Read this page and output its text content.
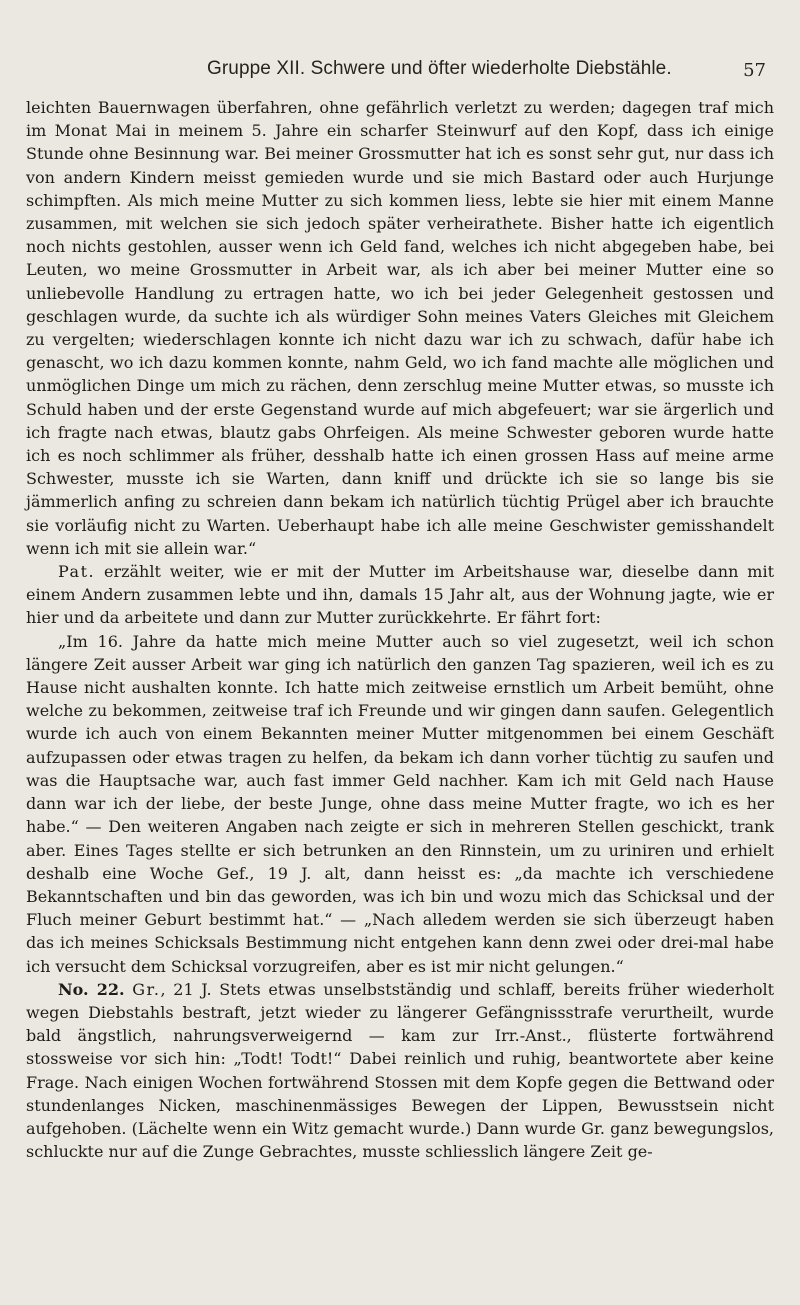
Gruppe XII. Schwere und öfter wiederholte Diebstähle.	57

leichten Bauernwagen überfahren, ohne gefährlich verletzt zu werden; dagegen traf mich im Monat Mai in meinem 5. Jahre ein scharfer Steinwurf auf den Kopf, dass ich einige Stunde ohne Besinnung war. Bei meiner Grossmutter hat ich es sonst sehr gut, nur dass ich von andern Kindern meisst gemieden wurde und sie mich Bastard oder auch Hurjunge schimpften. Als mich meine Mutter zu sich kommen liess, lebte sie hier mit einem Manne zusammen, mit welchen sie sich jedoch später verheirathete. Bisher hatte ich eigentlich noch nichts gestohlen, ausser wenn ich Geld fand, welches ich nicht abgegeben habe, bei Leuten, wo meine Grossmutter in Arbeit war, als ich aber bei meiner Mutter eine so unliebevolle Handlung zu ertragen hatte, wo ich bei jeder Gelegenheit gestossen und geschlagen wurde, da suchte ich als würdiger Sohn meines Vaters Gleiches mit Gleichem zu vergelten; wiederschlagen konnte ich nicht dazu war ich zu schwach, dafür habe ich genascht, wo ich dazu kommen konnte, nahm Geld, wo ich fand machte alle möglichen und unmöglichen Dinge um mich zu rächen, denn zerschlug meine Mutter etwas, so musste ich Schuld haben und der erste Gegenstand wurde auf mich abgefeuert; war sie ärgerlich und ich fragte nach etwas, blautz gabs Ohrfeigen. Als meine Schwester geboren wurde hatte ich es noch schlimmer als früher, desshalb hatte ich einen grossen Hass auf meine arme Schwester, musste ich sie Warten, dann kniff und drückte ich sie so lange bis sie jämmerlich anfing zu schreien dann bekam ich natürlich tüchtig Prügel aber ich brauchte sie vorläufig nicht zu Warten. Ueberhaupt habe ich alle meine Geschwister gemisshandelt wenn ich mit sie allein war.“

Pat. erzählt weiter, wie er mit der Mutter im Arbeitshause war, dieselbe dann mit einem Andern zusammen lebte und ihn, damals 15 Jahr alt, aus der Wohnung jagte, wie er hier und da arbeitete und dann zur Mutter zurückkehrte. Er fährt fort:

„Im 16. Jahre da hatte mich meine Mutter auch so viel zugesetzt, weil ich schon längere Zeit ausser Arbeit war ging ich natürlich den ganzen Tag spazieren, weil ich es zu Hause nicht aushalten konnte. Ich hatte mich zeitweise ernstlich um Arbeit bemüht, ohne welche zu bekommen, zeitweise traf ich Freunde und wir gingen dann saufen. Gelegentlich wurde ich auch von einem Bekannten meiner Mutter mitgenommen bei einem Geschäft aufzupassen oder etwas tragen zu helfen, da bekam ich dann vorher tüchtig zu saufen und was die Hauptsache war, auch fast immer Geld nachher. Kam ich mit Geld nach Hause dann war ich der liebe, der beste Junge, ohne dass meine Mutter fragte, wo ich es her habe.“ — Den weiteren Angaben nach zeigte er sich in mehreren Stellen geschickt, trank aber. Eines Tages stellte er sich betrunken an den Rinnstein, um zu uriniren und erhielt deshalb eine Woche Gef., 19 J. alt, dann heisst es: „da machte ich verschiedene Bekanntschaften und bin das geworden, was ich bin und wozu mich das Schicksal und der Fluch meiner Geburt bestimmt hat.“ — „Nach alledem werden sie sich überzeugt haben das ich meines Schicksals Bestimmung nicht entgehen kann denn zwei oder drei-mal habe ich versucht dem Schicksal vorzugreifen, aber es ist mir nicht gelungen.“

No. 22. Gr., 21 J. Stets etwas unselbstständig und schlaff, bereits früher wiederholt wegen Diebstahls bestraft, jetzt wieder zu längerer Gefängnissstrafe verurtheilt, wurde bald ängstlich, nahrungsverweigernd — kam zur Irr.-Anst., flüsterte fortwährend stossweise vor sich hin: „Todt! Todt!“ Dabei reinlich und ruhig, beantwortete aber keine Frage. Nach einigen Wochen fortwährend Stossen mit dem Kopfe gegen die Bettwand oder stundenlanges Nicken, maschinenmässiges Bewegen der Lippen, Bewusstsein nicht aufgehoben. (Lächelte wenn ein Witz gemacht wurde.) Dann wurde Gr. ganz bewegungslos, schluckte nur auf die Zunge Gebrachtes, musste schliesslich längere Zeit ge-
